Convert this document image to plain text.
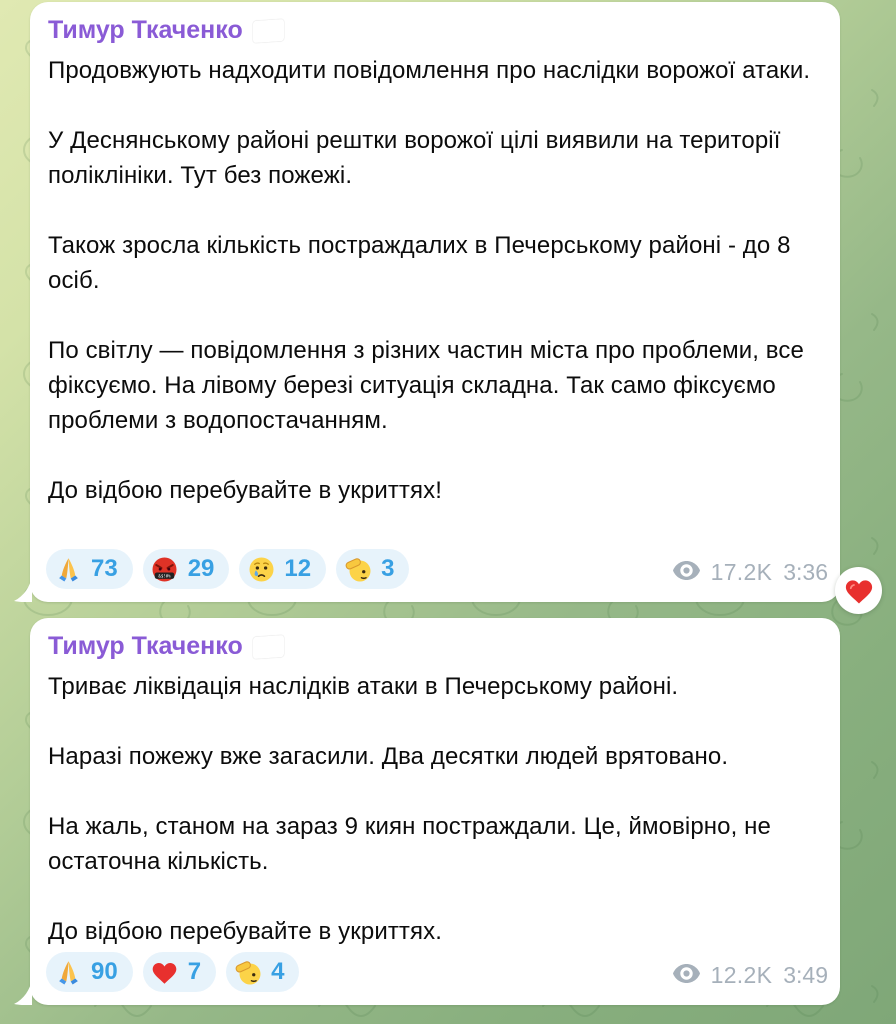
Тимур Ткаченко

Продовжують надходити повідомлення про наслідки ворожої атаки.

У Деснянському районі рештки ворожої цілі виявили на території поліклініки. Тут без пожежі.

Також зросла кількість постраждалих в Печерському районі - до 8 осіб.

По світлу — повідомлення з різних частин міста про проблеми, все фіксуємо. На лівому березі ситуація складна. Так само фіксуємо проблеми з водопостачанням.

До відбою перебувайте в укриттях!

73	&$!#% 29	12	3	17.2K 3:36
Тимур Ткаченко

Триває ліквідація наслідків атаки в Печерському районі.

Наразі пожежу вже загасили. Два десятки людей врятовано.

На жаль, станом на зараз 9 киян постраждали. Це, ймовірно, не остаточна кількість.

До відбою перебувайте в укриттях.

90	7	4	12.2K 3:49
